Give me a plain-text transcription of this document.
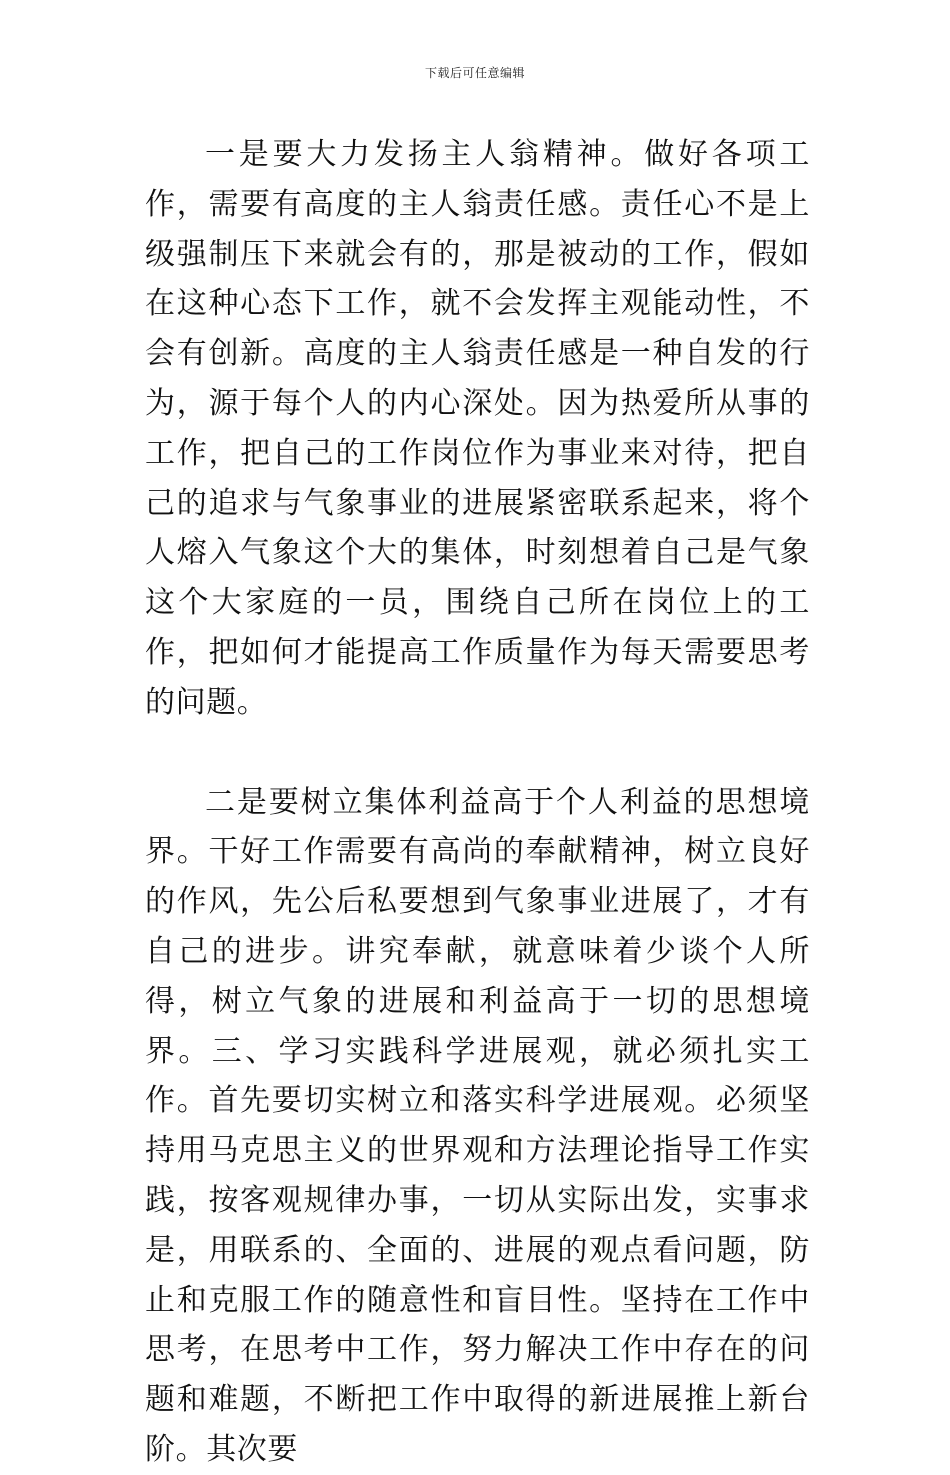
下载后可任意编辑

一是要大力发扬主人翁精神。做好各项工作，需要有高度的主人翁责任感。责任心不是上级强制压下来就会有的，那是被动的工作，假如在这种心态下工作，就不会发挥主观能动性，不会有创新。高度的主人翁责任感是一种自发的行为，源于每个人的内心深处。因为热爱所从事的工作，把自己的工作岗位作为事业来对待，把自己的追求与气象事业的进展紧密联系起来，将个人熔入气象这个大的集体，时刻想着自己是气象这个大家庭的一员，围绕自己所在岗位上的工作，把如何才能提高工作质量作为每天需要思考的问题。

二是要树立集体利益高于个人利益的思想境界。干好工作需要有高尚的奉献精神，树立良好的作风，先公后私要想到气象事业进展了，才有自己的进步。讲究奉献，就意味着少谈个人所得，树立气象的进展和利益高于一切的思想境界。三、学习实践科学进展观，就必须扎实工作。首先要切实树立和落实科学进展观。必须坚持用马克思主义的世界观和方法理论指导工作实践，按客观规律办事，一切从实际出发，实事求是，用联系的、全面的、进展的观点看问题，防止和克服工作的随意性和盲目性。坚持在工作中思考，在思考中工作，努力解决工作中存在的问题和难题，不断把工作中取得的新进展推上新台阶。其次要
